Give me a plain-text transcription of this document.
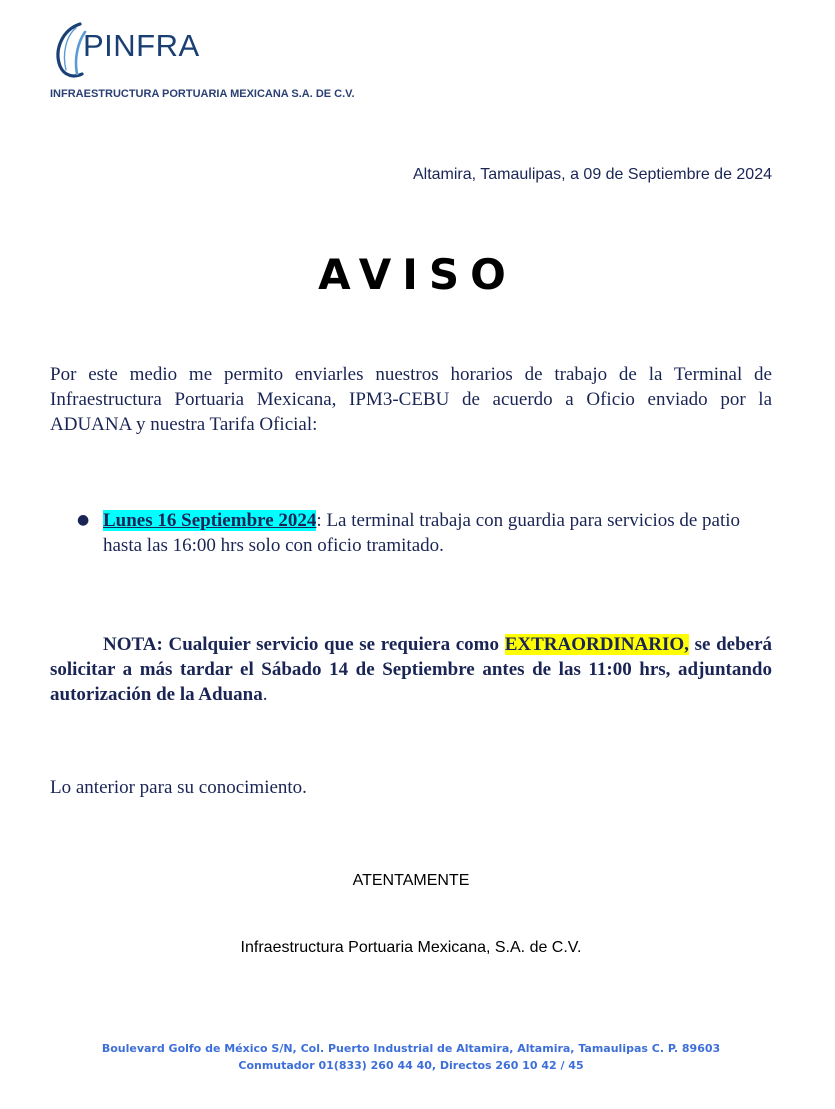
PINFRA
INFRAESTRUCTURA PORTUARIA MEXICANA S.A. DE C.V.
Altamira, Tamaulipas, a 09 de Septiembre de 2024
AVISO
Por este medio me permito enviarles nuestros horarios de trabajo de la Terminal de Infraestructura Portuaria Mexicana, IPM3-CEBU de acuerdo a Oficio enviado por la ADUANA y nuestra Tarifa Oficial:
● Lunes 16 Septiembre 2024: La terminal trabaja con guardia para servicios de patio hasta las 16:00 hrs solo con oficio tramitado.
NOTA: Cualquier servicio que se requiera como EXTRAORDINARIO, se deberá solicitar a más tardar el Sábado 14 de Septiembre antes de las 11:00 hrs, adjuntando autorización de la Aduana.
Lo anterior para su conocimiento.
ATENTAMENTE
Infraestructura Portuaria Mexicana, S.A. de C.V.
Boulevard Golfo de México S/N, Col. Puerto Industrial de Altamira, Altamira, Tamaulipas C. P. 89603
Conmutador 01(833) 260 44 40, Directos 260 10 42 / 45
